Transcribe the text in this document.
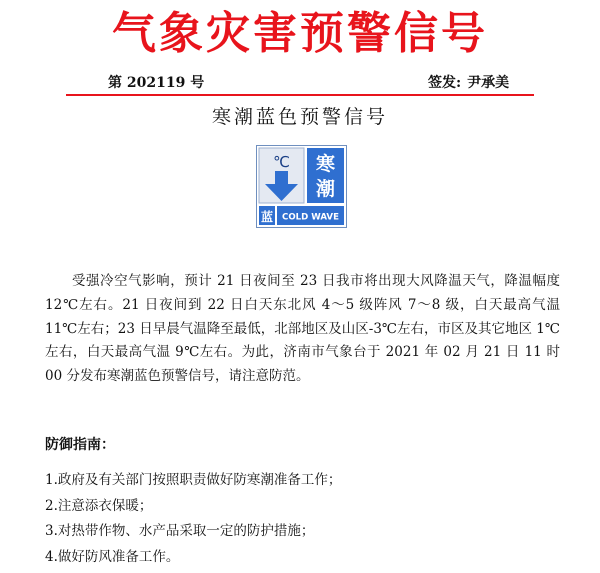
气象灾害预警信号
第 202119 号	签发: 尹承美
寒潮蓝色预警信号
℃ 寒
潮
蓝 COLD WAVE
受强冷空气影响，预计 21 日夜间至 23 日我市将出现大风降温天气，降温幅度 12℃左右。21 日夜间到 22 日白天东北风 4～5 级阵风 7～8 级，白天最高气温 11℃左右；23 日早晨气温降至最低，北部地区及山区-3℃左右，市区及其它地区 1℃左右，白天最高气温 9℃左右。为此，济南市气象台于 2021 年 02 月 21 日 11 时 00 分发布寒潮蓝色预警信号，请注意防范。
防御指南：
1.政府及有关部门按照职责做好防寒潮准备工作；
2.注意添衣保暖；
3.对热带作物、水产品采取一定的防护措施；
4.做好防风准备工作。
